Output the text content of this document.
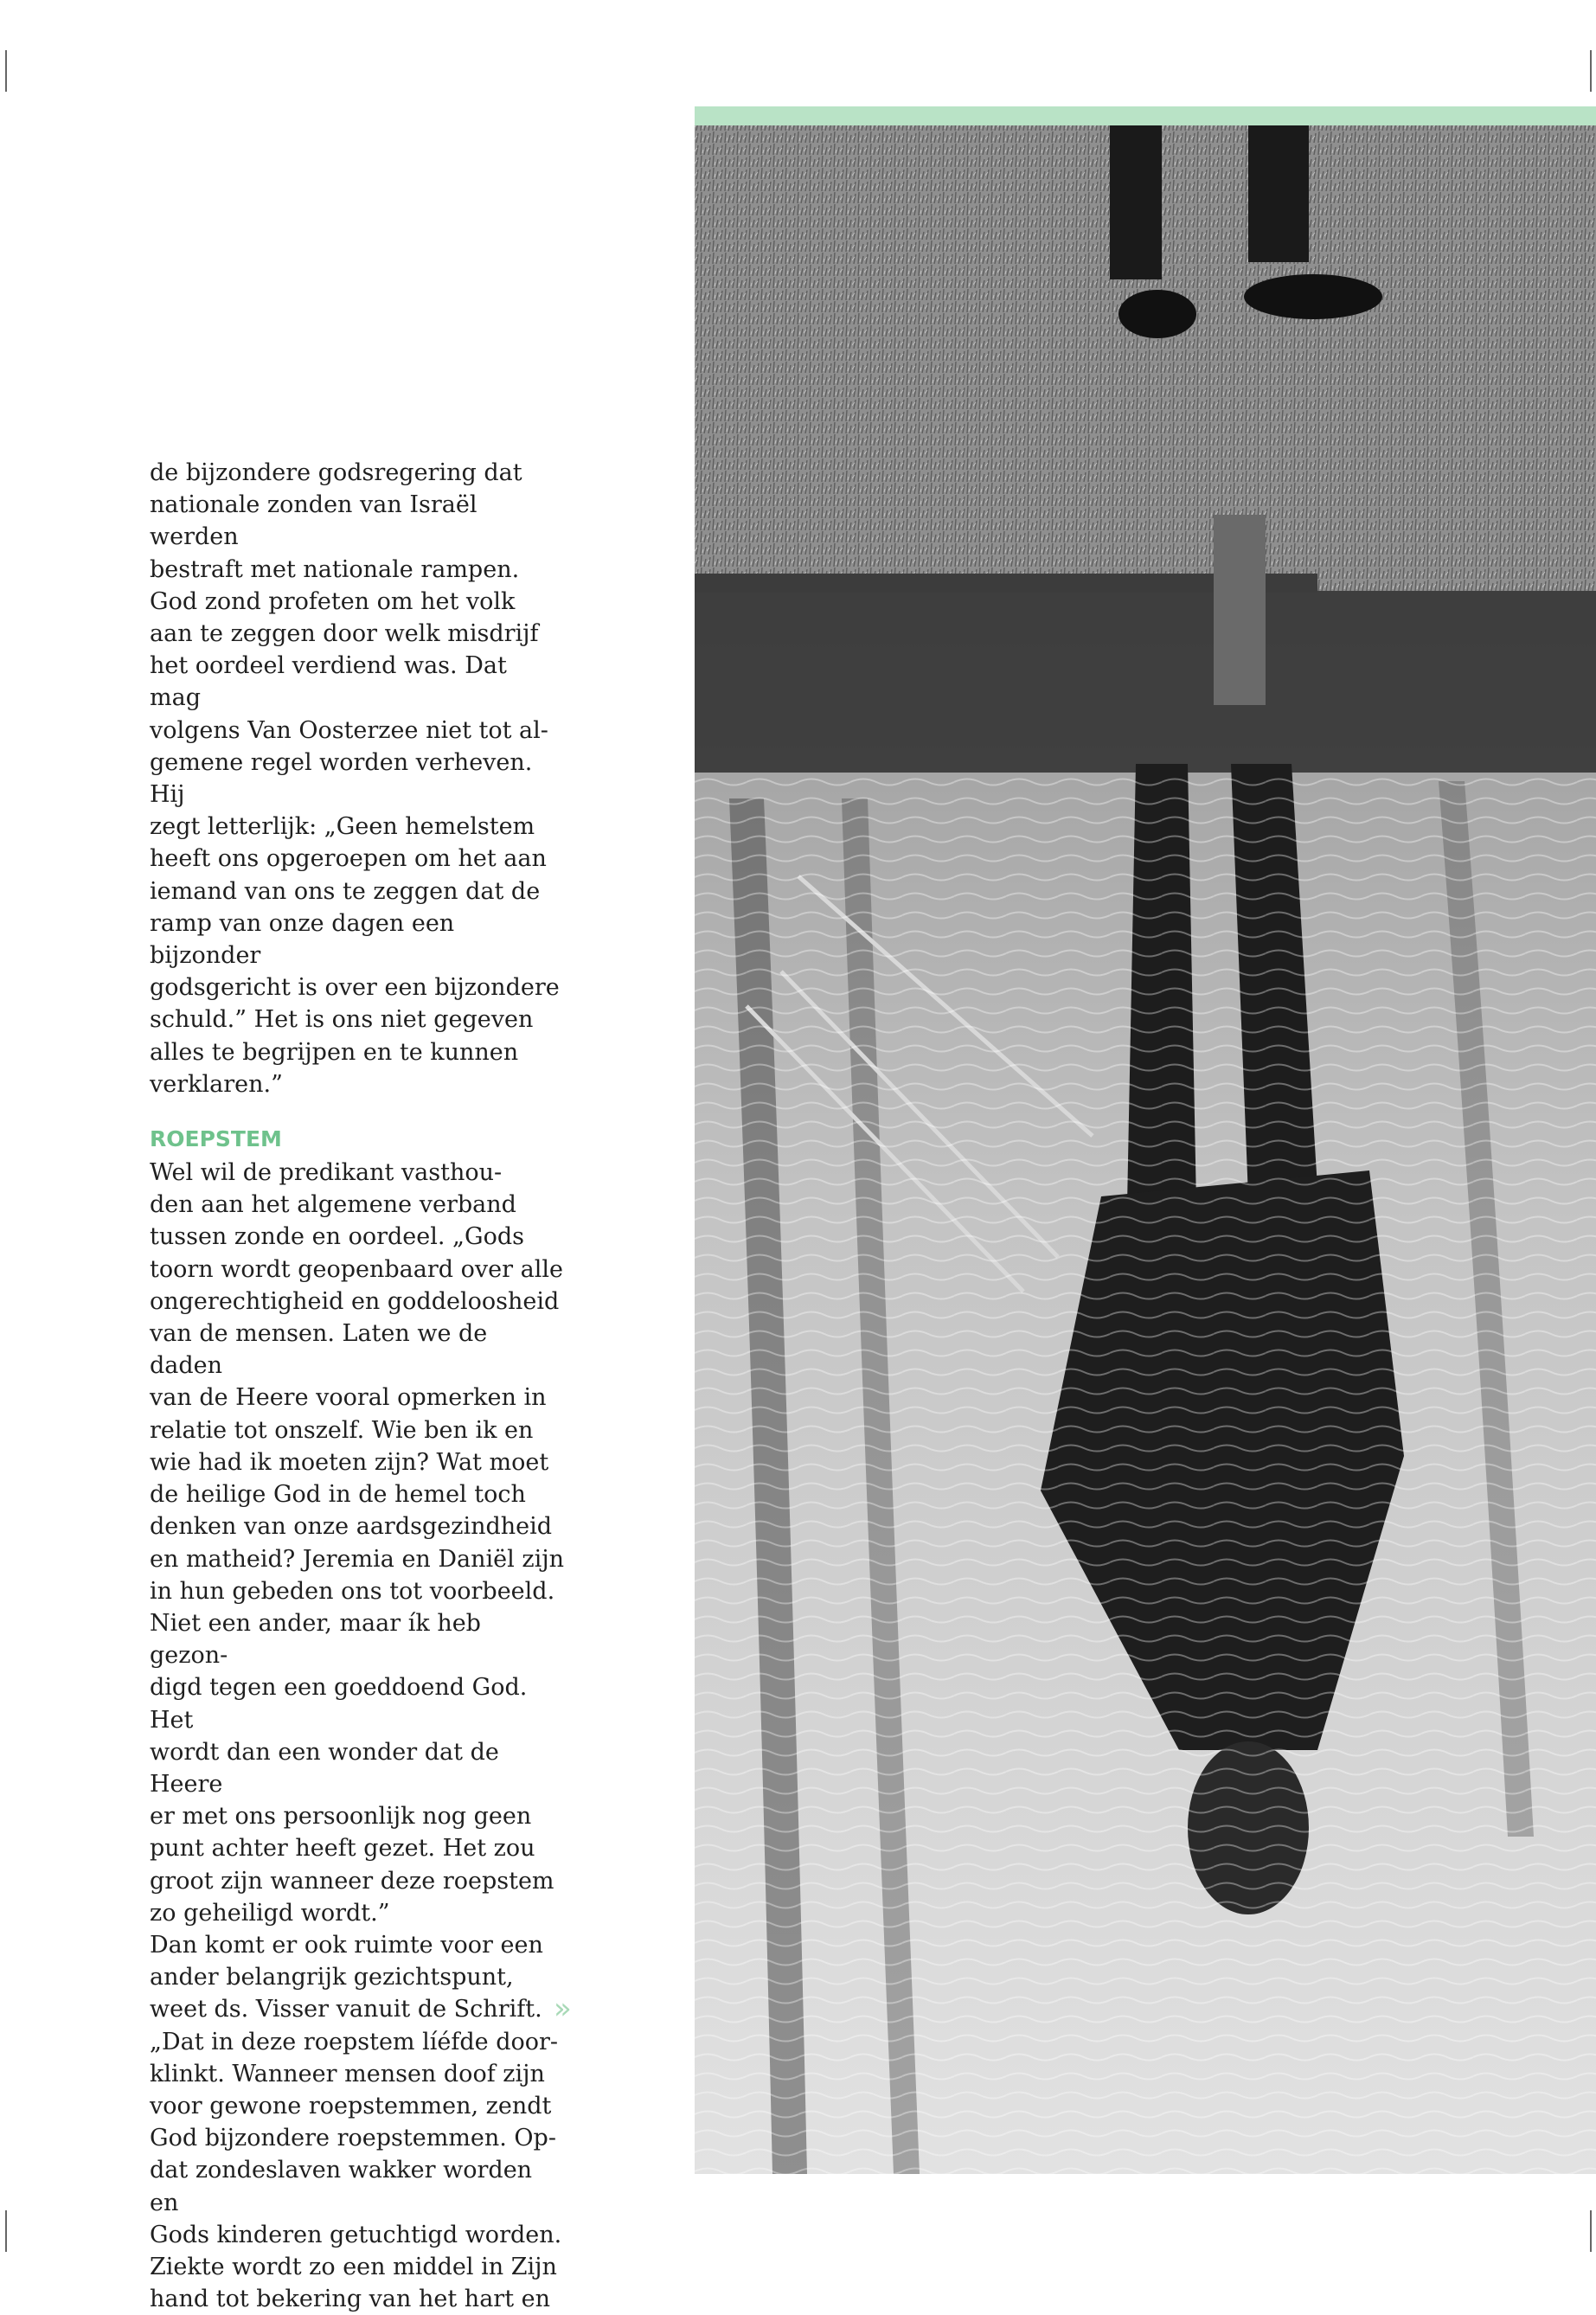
de bijzondere godsregering dat
nationale zonden van Israël werden
bestraft met nationale rampen.
God zond profeten om het volk
aan te zeggen door welk misdrijf
het oordeel verdiend was. Dat mag
volgens Van Oosterzee niet tot al-
gemene regel worden verheven. Hij
zegt letterlijk: „Geen hemelstem
heeft ons opgeroepen om het aan
iemand van ons te zeggen dat de
ramp van onze dagen een bijzonder
godsgericht is over een bijzondere
schuld.” Het is ons niet gegeven
alles te begrijpen en te kunnen
verklaren.”

ROEPSTEM

Wel wil de predikant vasthou-
den aan het algemene verband
tussen zonde en oordeel. „Gods
toorn wordt geopenbaard over alle
ongerechtigheid en goddeloosheid
van de mensen. Laten we de daden
van de Heere vooral opmerken in
relatie tot onszelf. Wie ben ik en
wie had ik moeten zijn? Wat moet
de heilige God in de hemel toch
denken van onze aardsgezindheid
en matheid? Jeremia en Daniël zijn
in hun gebeden ons tot voorbeeld.
Niet een ander, maar ík heb gezon-
digd tegen een goeddoend God. Het
wordt dan een wonder dat de Heere
er met ons persoonlijk nog geen
punt achter heeft gezet. Het zou
groot zijn wanneer deze roepstem
zo geheiligd wordt.”

Dan komt er ook ruimte voor een
ander belangrijk gezichtspunt,
weet ds. Visser vanuit de Schrift.
„Dat in deze roepstem líéfde door-
klinkt. Wanneer mensen doof zijn
voor gewone roepstemmen, zendt
God bijzondere roepstemmen. Op-
dat zondeslaven wakker worden en
Gods kinderen getuchtigd worden.
Ziekte wordt zo een middel in Zijn
hand tot bekering van het hart en

»
